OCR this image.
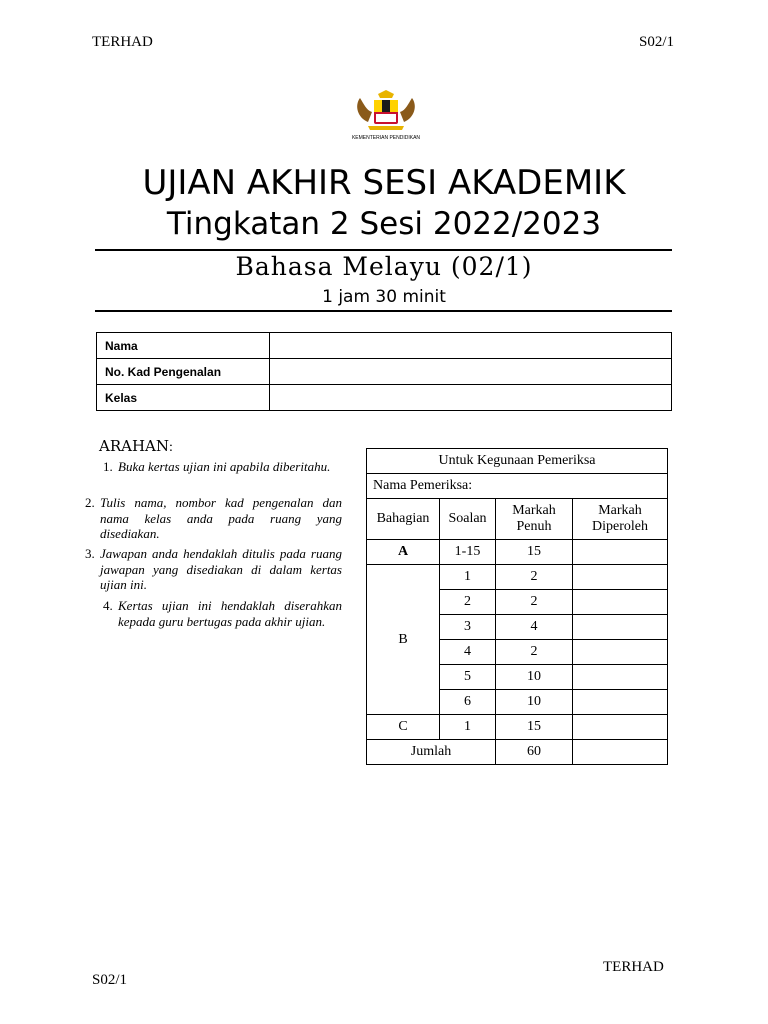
TERHAD	S02/1
KEMENTERIAN PENDIDIKAN
UJIAN AKHIR SESI AKADEMIK
Tingkatan 2 Sesi 2022/2023
Bahasa Melayu (02/1)
1 jam 30 minit
Nama	
No. Kad Pengenalan	
Kelas	
ARAHAN:
1. Buka kertas ujian ini apabila diberitahu.
2. Tulis nama, nombor kad pengenalan dan nama kelas anda pada ruang yang disediakan.
3. Jawapan anda hendaklah ditulis pada ruang jawapan yang disediakan di dalam kertas ujian ini.
4. Kertas ujian ini hendaklah diserahkan kepada guru bertugas pada akhir ujian.
Untuk Kegunaan Pemeriksa			
Nama Pemeriksa:			
Bahagian	Soalan	Markah Penuh	Markah Diperoleh
A	1-15	15	
B	1	2	
	2	2	
	3	4	
	4	2	
	5	10	
	6	10	
C	1	15	
Jumlah		60	
S02/1
TERHAD
